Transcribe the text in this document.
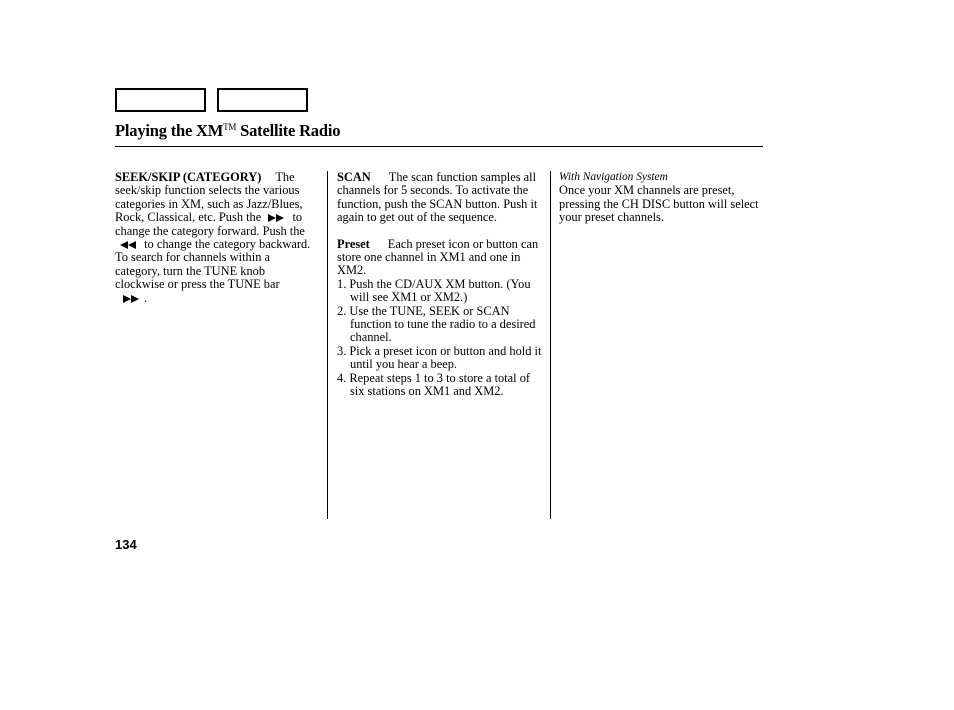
Playing the XM™ Satellite Radio

SEEK/SKIP (CATEGORY) The seek/skip function selects the various categories in XM, such as Jazz/Blues, Rock, Classical, etc. Push the	to change the category forward. Push the
to change the category backward. To search for channels within a category, turn the TUNE knob clockwise or press the TUNE bar

.

SCAN The scan function samples all channels for 5 seconds. To activate the function, push the SCAN button. Push it again to get out of the sequence.

Preset Each preset icon or button can store one channel in XM1 and one in XM2.

1. Push the CD/AUX XM button. (You will see XM1 or XM2.)
2. Use the TUNE, SEEK or SCAN function to tune the radio to a desired channel.
3. Pick a preset icon or button and hold it until you hear a beep.
4. Repeat steps 1 to 3 to store a total of six stations on XM1 and XM2.
With Navigation System

Once your XM channels are preset, pressing the CH DISC button will select your preset channels.

134
